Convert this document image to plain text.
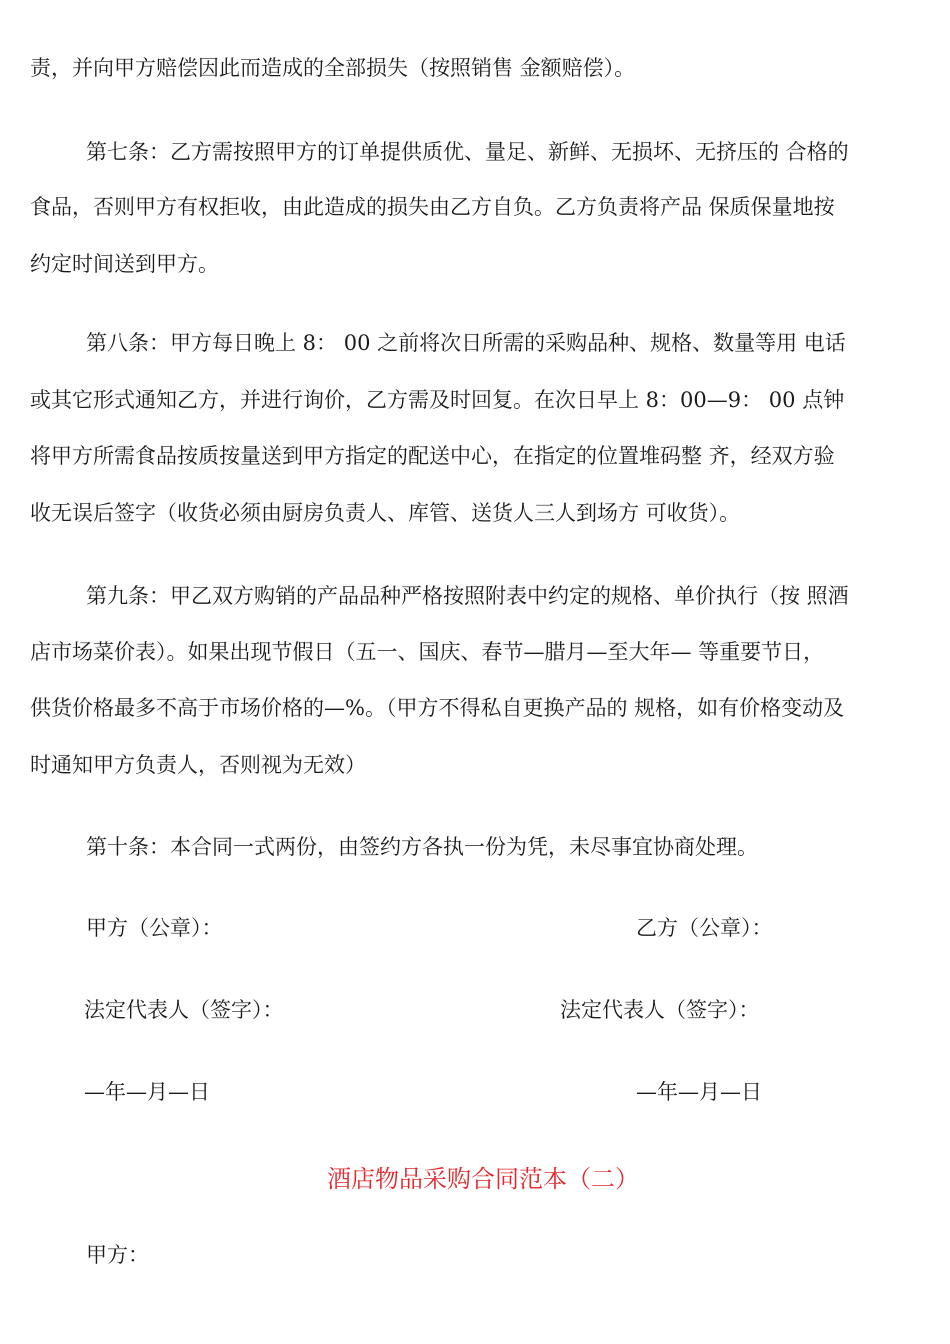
责，并向甲方赔偿因此而造成的全部损失（按照销售 金额赔偿）。
第七条：乙方需按照甲方的订单提供质优、量足、新鲜、无损坏、无挤压的 合格的
食品，否则甲方有权拒收，由此造成的损失由乙方自负。乙方负责将产品 保质保量地按
约定时间送到甲方。
第八条：甲方每日晚上 8： 00 之前将次日所需的采购品种、规格、数量等用 电话
或其它形式通知乙方，并进行询价，乙方需及时回复。在次日早上 8：00—9： 00 点钟
将甲方所需食品按质按量送到甲方指定的配送中心，在指定的位置堆码整 齐，经双方验
收无误后签字（收货必须由厨房负责人、库管、送货人三人到场方 可收货）。
第九条：甲乙双方购销的产品品种严格按照附表中约定的规格、单价执行（按 照酒
店市场菜价表）。如果出现节假日（五一、国庆、春节—腊月—至大年— 等重要节日，
供货价格最多不高于市场价格的—%。（甲方不得私自更换产品的 规格，如有价格变动及
时通知甲方负责人，否则视为无效）
第十条：本合同一式两份，由签约方各执一份为凭，未尽事宜协商处理。
甲方（公章）：	乙方（公章）：
法定代表人（签字）：	法定代表人（签字）：
—年—月—日	—年—月—日
酒店物品采购合同范本（二）
甲方：
